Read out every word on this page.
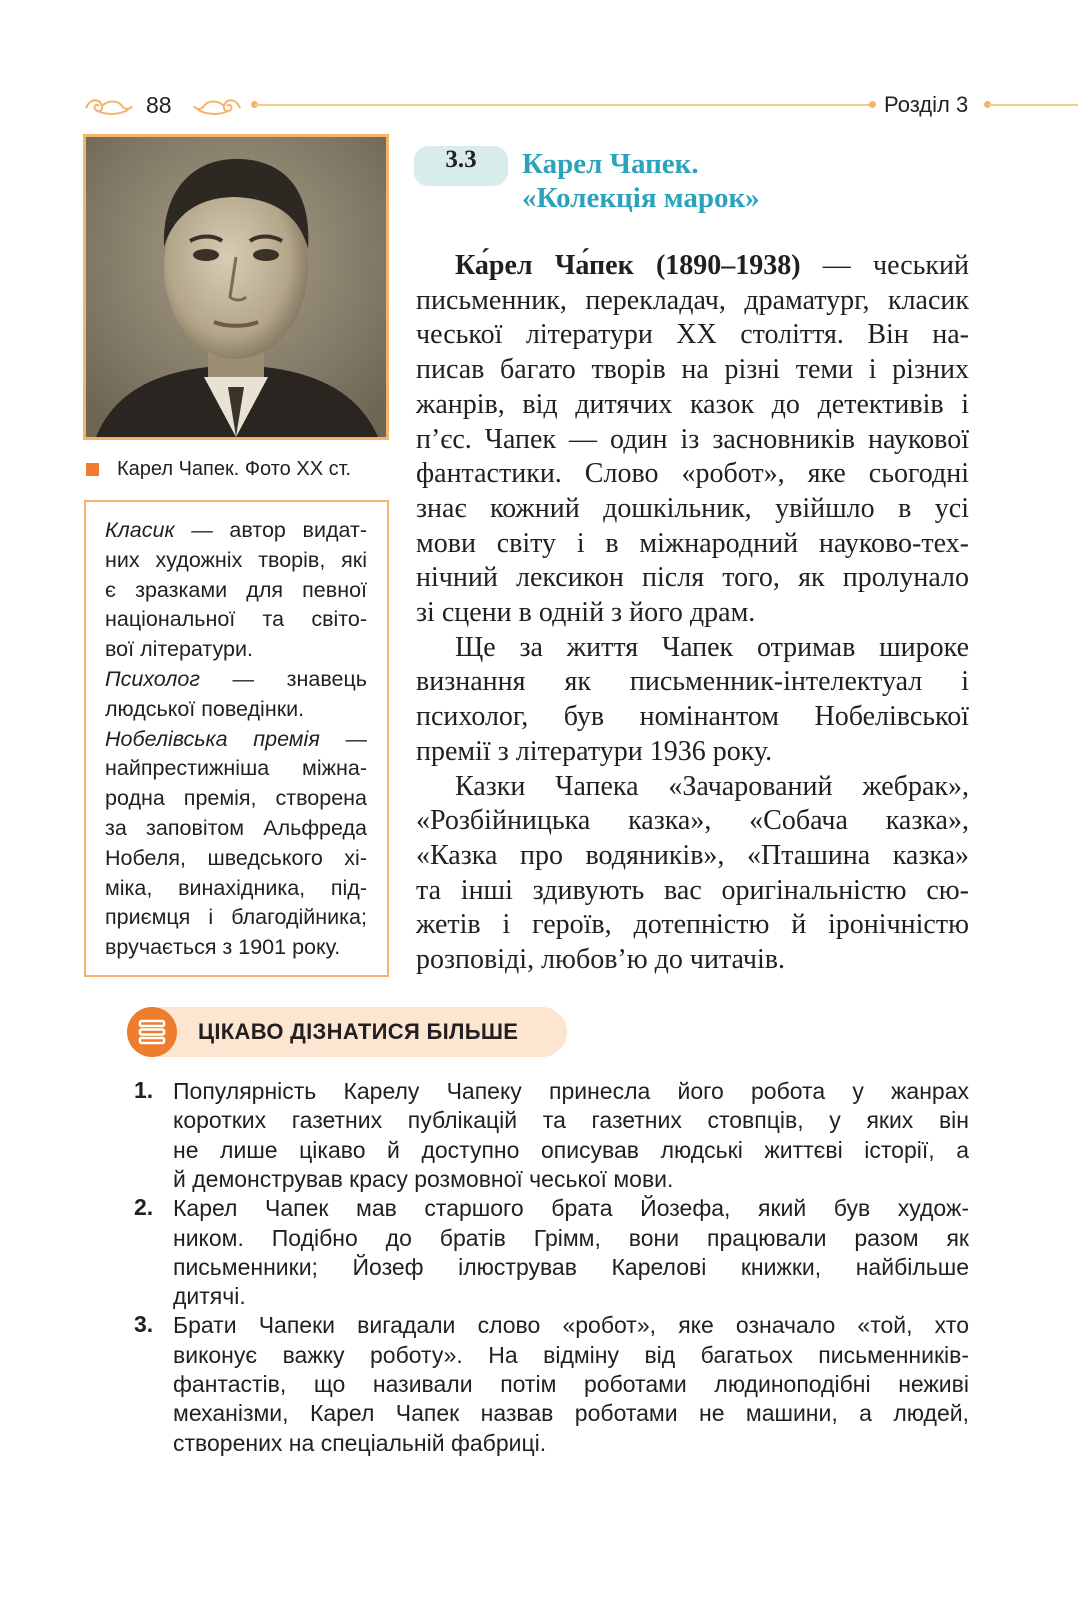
88	Розділ 3
Карел Чапек. Фото XX ст.
Класик — автор видат-
них художніх творів, які
є зразками для певної
національної та світо-
вої літератури.
Психолог — знавець
людської поведінки.
Нобелівська премія —
найпрестижніша міжна-
родна премія, створена
за заповітом Альфреда
Нобеля, шведського хі-
міка, винахідника, під-
приємця і благодійника;
вручається з 1901 року.
3.3	Карел Чапек.
«Колекція марок»
Ка́рел Ча́пек (1890–1938) — чеський
письменник, перекладач, драматург, класик
чеської літератури XX століття. Він на-
писав багато творів на різні теми і різних
жанрів, від дитячих казок до детективів і
п’єс. Чапек — один із засновників наукової
фантастики. Слово «робот», яке сьогодні
знає кожний дошкільник, увійшло в усі
мови світу і в міжнародний науково-тех-
нічний лексикон після того, як пролунало
зі сцени в одній з його драм.
Ще за життя Чапек отримав широке
визнання як письменник-інтелектуал і
психолог, був номінантом Нобелівської
премії з літератури 1936 року.
Казки Чапека «Зачарований жебрак»,
«Розбійницька казка», «Собача казка»,
«Казка про водяників», «Пташина казка»
та інші здивують вас оригінальністю сю-
жетів і героїв, дотепністю й іронічністю
розповіді, любов’ю до читачів.
ЦІКАВО ДІЗНАТИСЯ БІЛЬШЕ
1. Популярність Карелу Чапеку принесла його робота у жанрах
коротких газетних публікацій та газетних стовпців, у яких він
не лише цікаво й доступно описував людські життєві історії, а
й демонстрував красу розмовної чеської мови.
2. Карел Чапек мав старшого брата Йозефа, який був худож-
ником. Подібно до братів Грімм, вони працювали разом як
письменники; Йозеф ілюстрував Карелові книжки, найбільше
дитячі.
3. Брати Чапеки вигадали слово «робот», яке означало «той, хто
виконує важку роботу». На відміну від багатьох письменників-
фантастів, що називали потім роботами людиноподібні неживі
механізми, Карел Чапек назвав роботами не машини, а людей,
створених на спеціальній фабриці.
